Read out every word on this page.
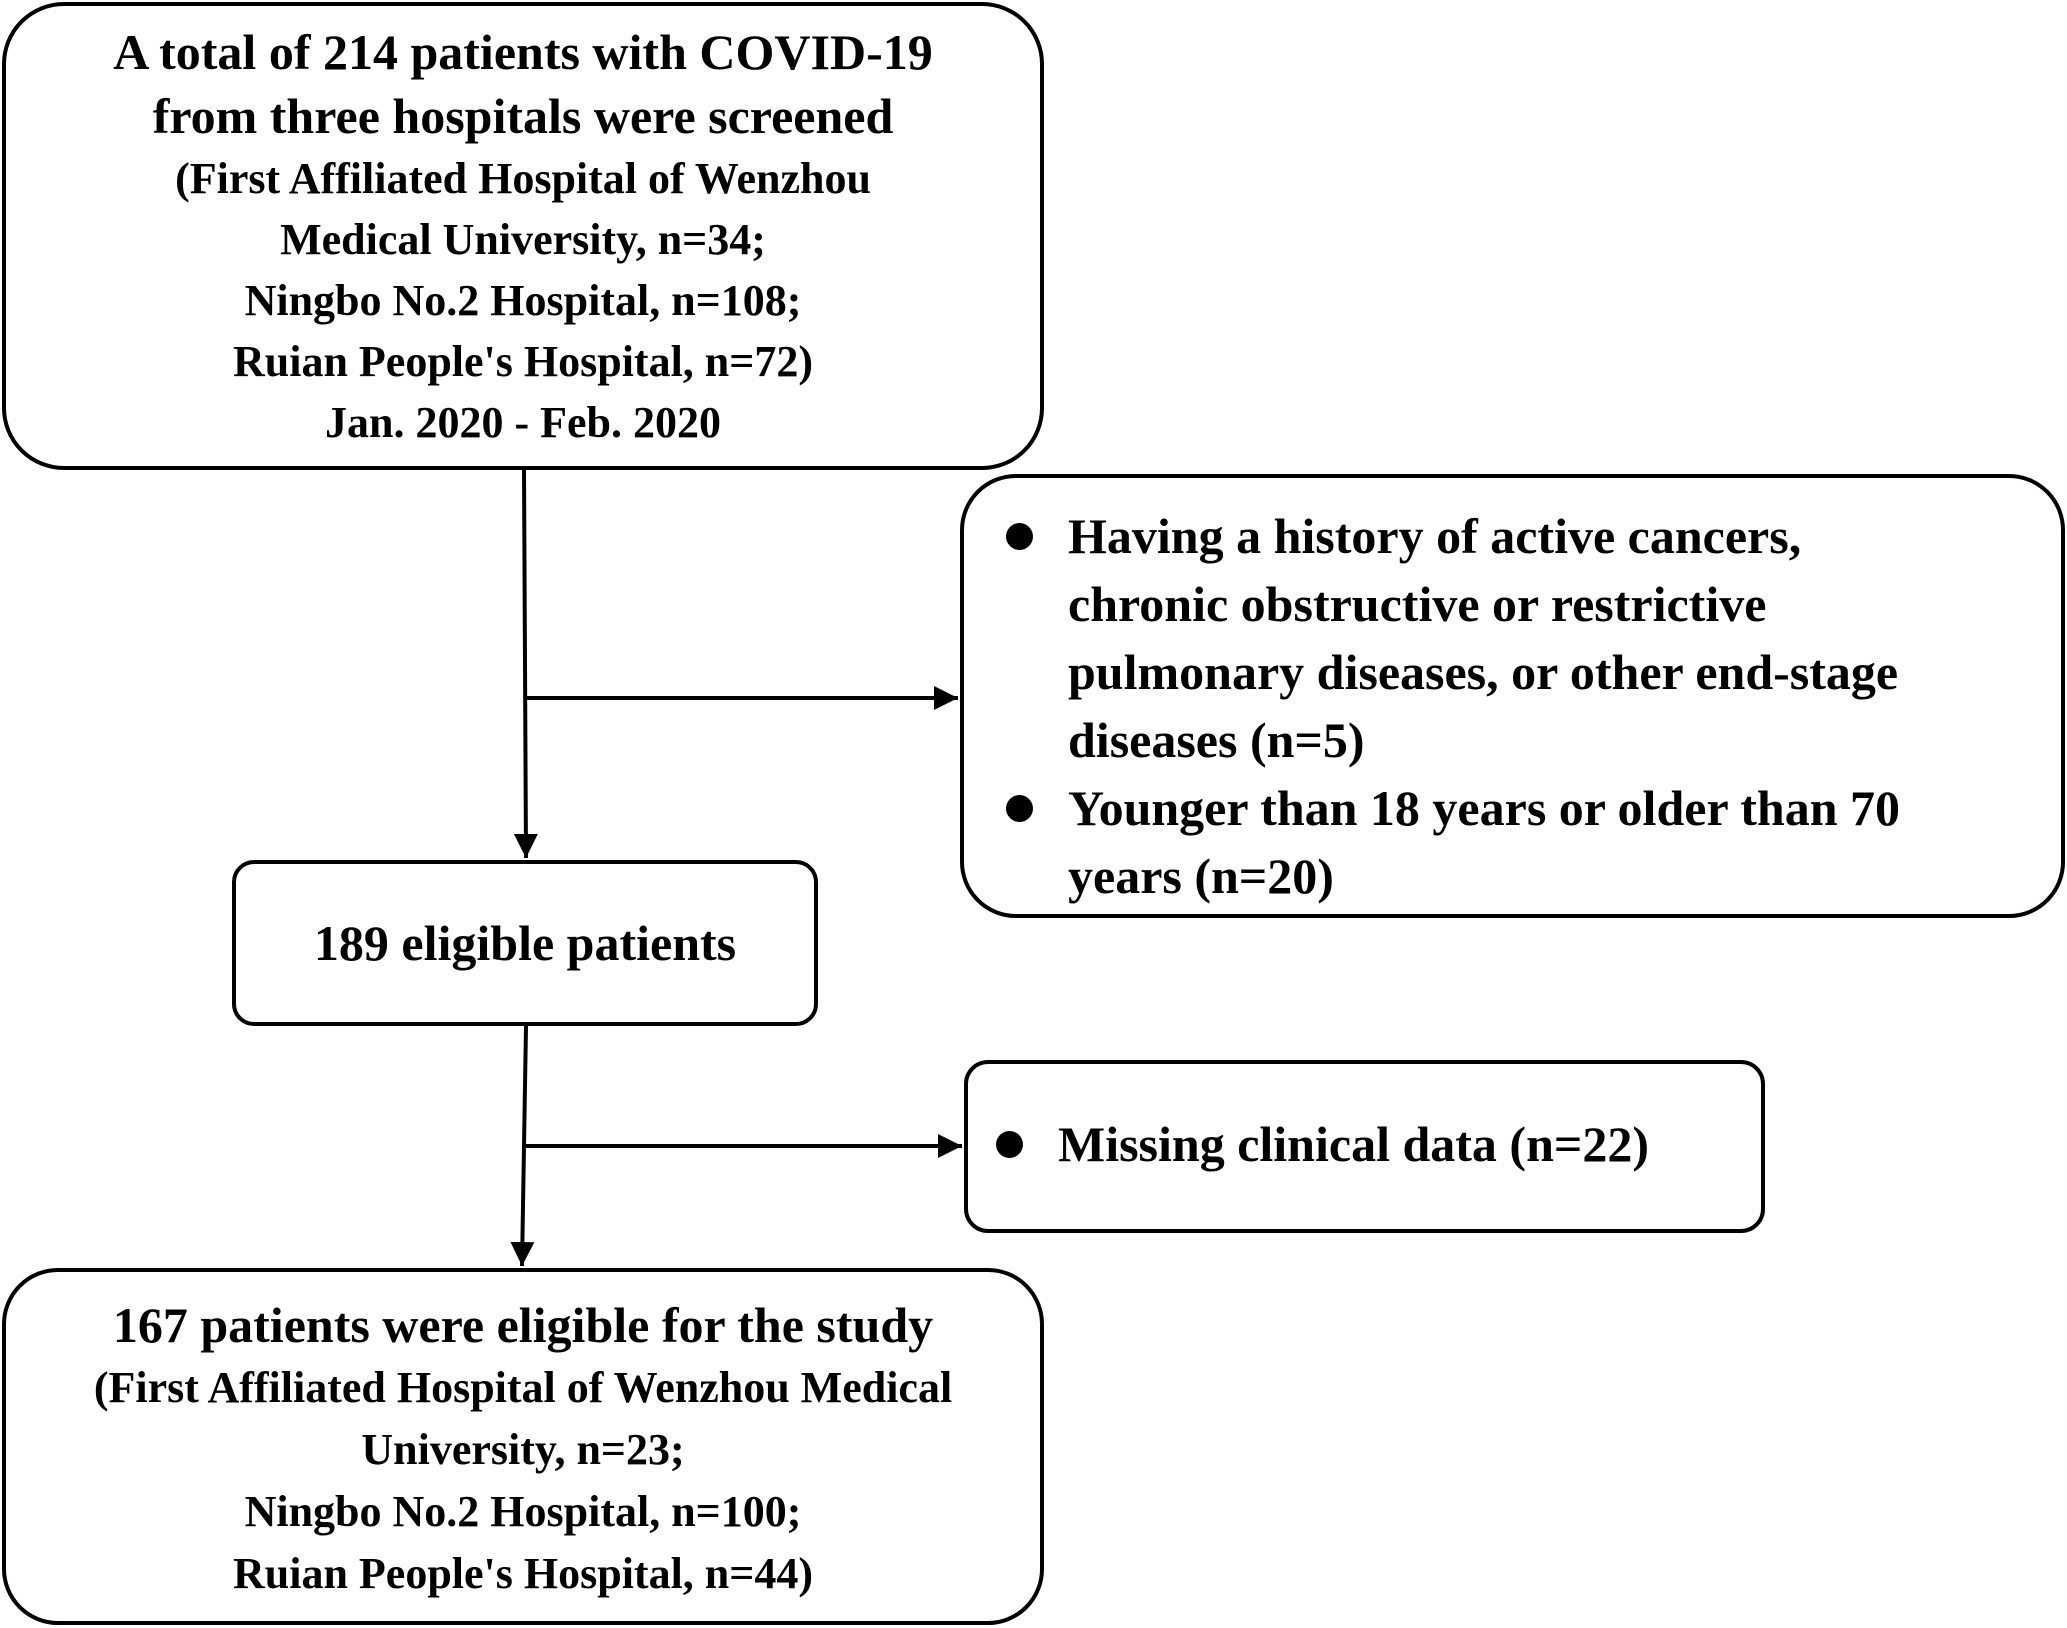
A total of 214 patients with COVID-19
from three hospitals were screened
(First Affiliated Hospital of Wenzhou
Medical University, n=34;
Ningbo No.2 Hospital, n=108;
Ruian People's Hospital, n=72)
Jan. 2020 - Feb. 2020
Having a history of active cancers,
chronic obstructive or restrictive
pulmonary diseases, or other end-stage
diseases (n=5)
Younger than 18 years or older than 70
years (n=20)
189 eligible patients
Missing clinical data (n=22)
167 patients were eligible for the study
(First Affiliated Hospital of Wenzhou Medical
University, n=23;
Ningbo No.2 Hospital, n=100;
Ruian People's Hospital, n=44)
